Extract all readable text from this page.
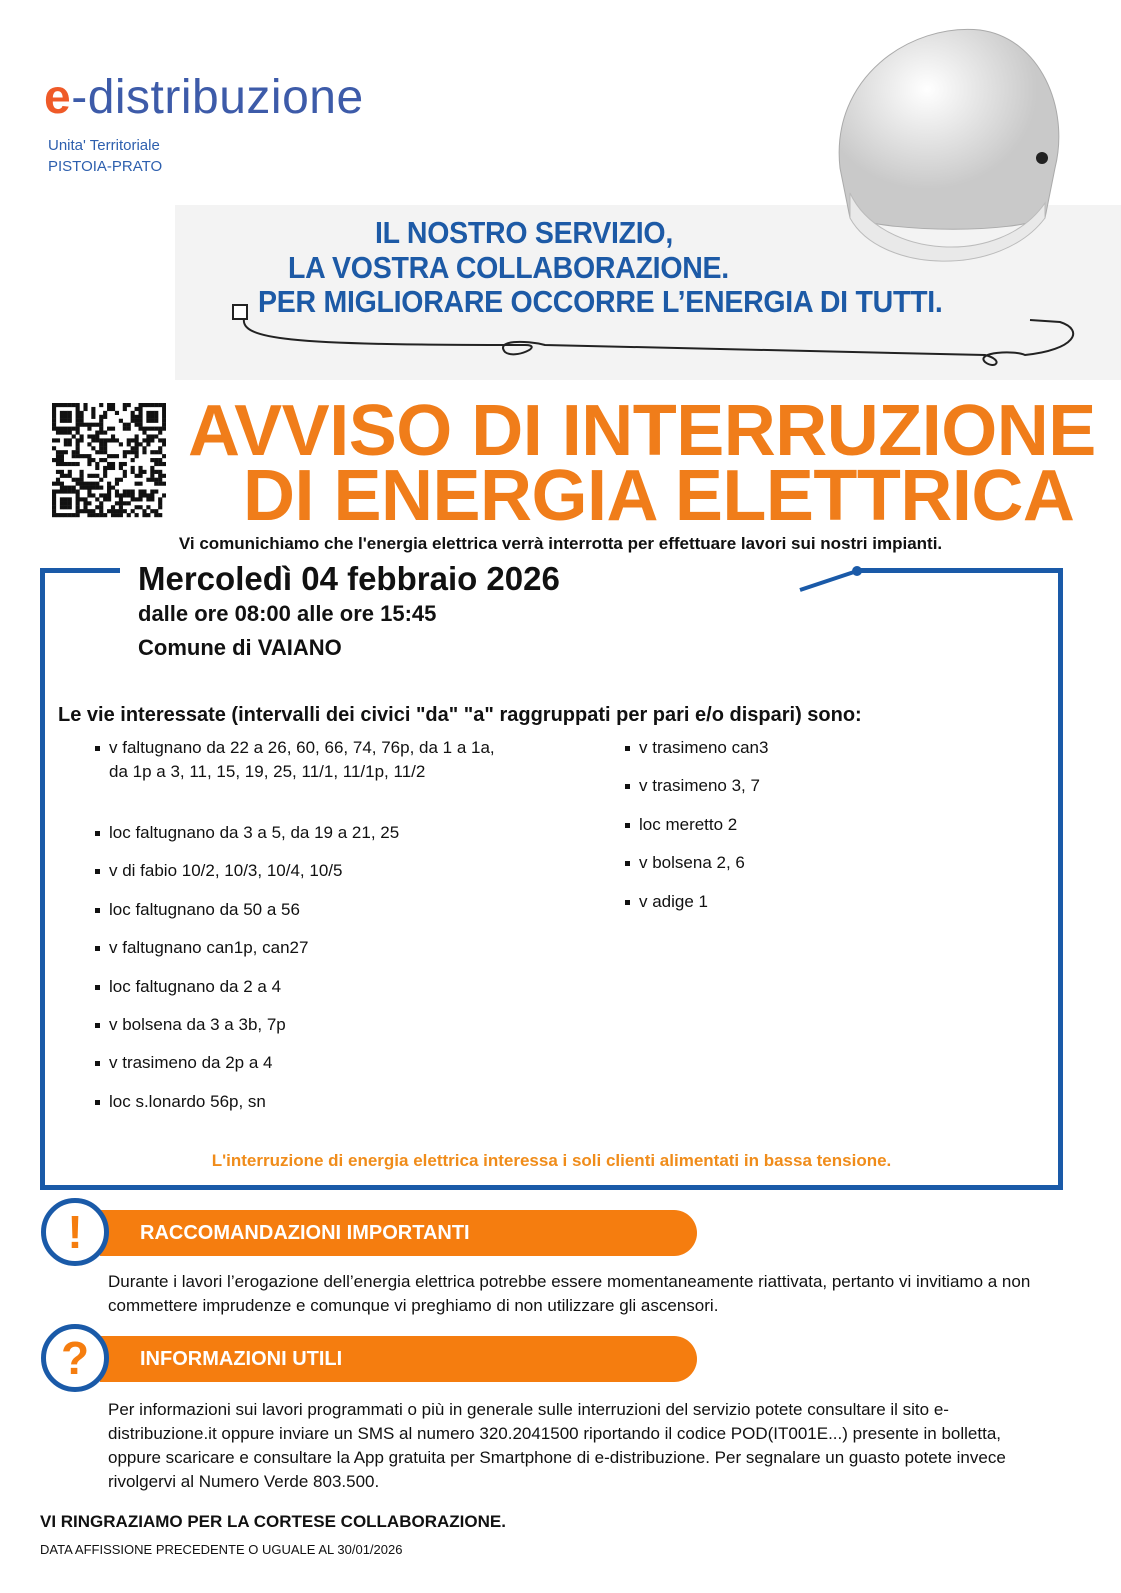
e-distribuzione
Unita' Territoriale
PISTOIA-PRATO
IL NOSTRO SERVIZIO,
LA VOSTRA COLLABORAZIONE.
PER MIGLIORARE OCCORRE L’ENERGIA DI TUTTI.
AVVISO DI INTERRUZIONE
DI ENERGIA ELETTRICA
Vi comunichiamo che l'energia elettrica verrà interrotta per effettuare lavori sui nostri impianti.
Mercoledì 04 febbraio 2026
dalle ore 08:00 alle ore 15:45
Comune di VAIANO
Le vie interessate (intervalli dei civici "da" "a" raggruppati per pari e/o dispari) sono:
v faltugnano da 22 a 26, 60, 66, 74, 76p, da 1 a 1a, da 1p a 3, 11, 15, 19, 25, 11/1, 11/1p, 11/2
loc faltugnano da 3 a 5, da 19 a 21, 25
v di fabio 10/2, 10/3, 10/4, 10/5
loc faltugnano da 50 a 56
v faltugnano can1p, can27
loc faltugnano da 2 a 4
v bolsena da 3 a 3b, 7p
v trasimeno da 2p a 4
loc s.lonardo 56p, sn
v trasimeno can3
v trasimeno 3, 7
loc meretto 2
v bolsena 2, 6
v adige 1
L'interruzione di energia elettrica interessa i soli clienti alimentati in bassa tensione.
RACCOMANDAZIONI IMPORTANTI
!
Durante i lavori l’erogazione dell’energia elettrica potrebbe essere momentaneamente riattivata, pertanto vi invitiamo a non commettere imprudenze e comunque vi preghiamo di non utilizzare gli ascensori.
INFORMAZIONI UTILI
?
Per informazioni sui lavori programmati o più in generale sulle interruzioni del servizio potete consultare il sito e-distribuzione.it oppure inviare un SMS al numero 320.2041500 riportando il codice POD(IT001E...) presente in bolletta, oppure scaricare e consultare la App gratuita per Smartphone di e-distribuzione. Per segnalare un guasto potete invece rivolgervi al Numero Verde 803.500.
VI RINGRAZIAMO PER LA CORTESE COLLABORAZIONE.
DATA AFFISSIONE PRECEDENTE O UGUALE AL 30/01/2026
